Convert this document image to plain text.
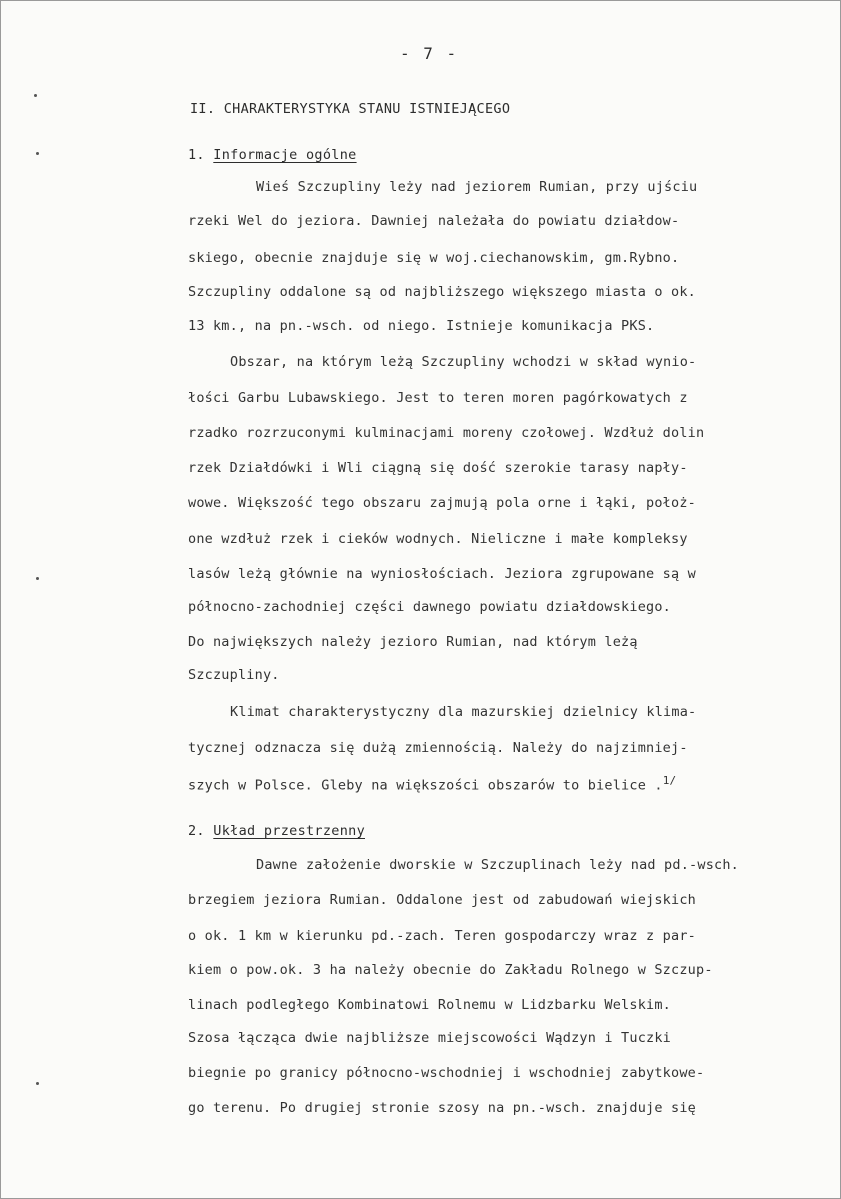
- 7 -
II. CHARAKTERYSTYKA STANU ISTNIEJĄCEGO
1. Informacje ogólne
Wieś Szczupliny leży nad jeziorem Rumian, przy ujściu
rzeki Wel do jeziora. Dawniej należała do powiatu działdow-
skiego, obecnie znajduje się w woj.ciechanowskim, gm.Rybno.
Szczupliny oddalone są od najbliższego większego miasta o ok.
13 km., na pn.-wsch. od niego. Istnieje komunikacja PKS.
Obszar, na którym leżą Szczupliny wchodzi w skład wynio-
łości Garbu Lubawskiego. Jest to teren moren pagórkowatych z
rzadko rozrzuconymi kulminacjami moreny czołowej. Wzdłuż dolin
rzek Działdówki i Wli ciągną się dość szerokie tarasy napły-
wowe. Większość tego obszaru zajmują pola orne i łąki, położ-
one wzdłuż rzek i cieków wodnych. Nieliczne i małe kompleksy
lasów leżą głównie na wyniosłościach. Jeziora zgrupowane są w
północno-zachodniej części dawnego powiatu działdowskiego.
Do największych należy jezioro Rumian, nad którym leżą
Szczupliny.
Klimat charakterystyczny dla mazurskiej dzielnicy klima-
tycznej odznacza się dużą zmiennością. Należy do najzimniej-
szych w Polsce. Gleby na większości obszarów to bielice .$^{1/}$
2. Układ przestrzenny
Dawne założenie dworskie w Szczuplinach leży nad pd.-wsch.
brzegiem jeziora Rumian. Oddalone jest od zabudowań wiejskich
o ok. 1 km w kierunku pd.-zach. Teren gospodarczy wraz z par-
kiem o pow.ok. 3 ha należy obecnie do Zakładu Rolnego w Szczup-
linach podległego Kombinatowi Rolnemu w Lidzbarku Welskim.
Szosa łącząca dwie najbliższe miejscowości Wądzyn i Tuczki
biegnie po granicy północno-wschodniej i wschodniej zabytkowe-
go terenu. Po drugiej stronie szosy na pn.-wsch. znajduje się
